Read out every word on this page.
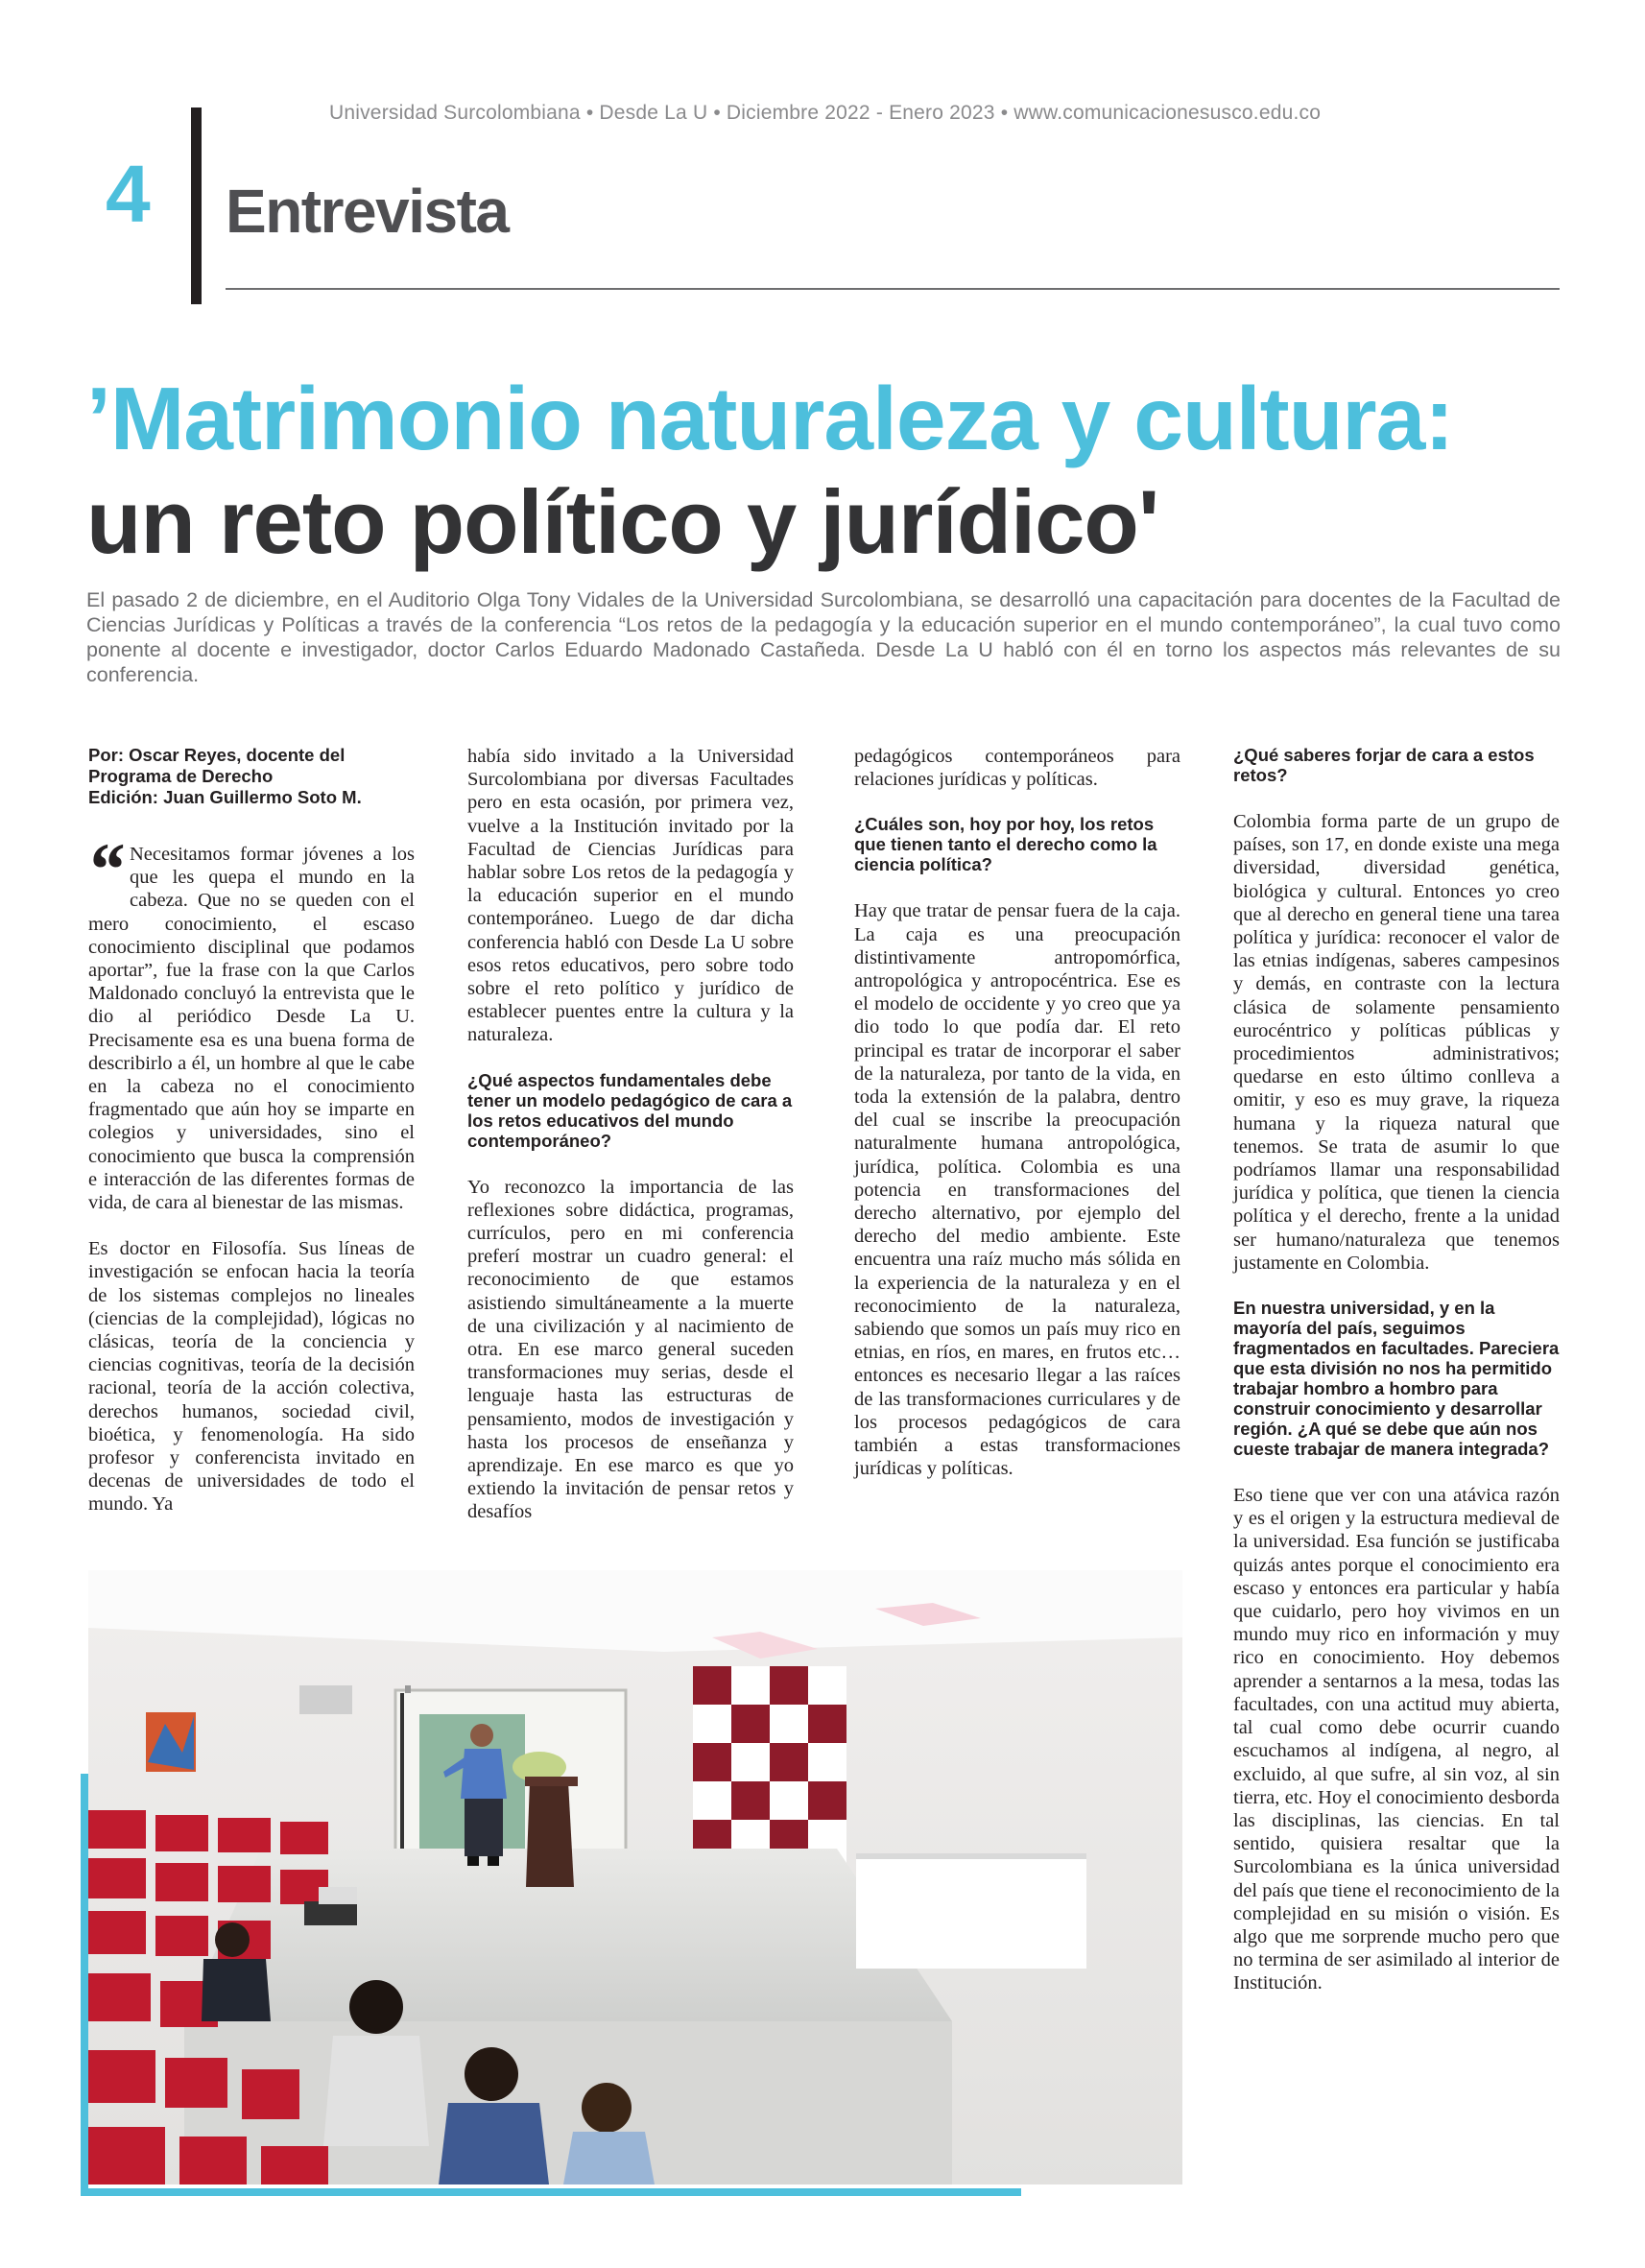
Universidad Surcolombiana • Desde La U • Diciembre 2022 - Enero 2023 • www.comunicacionesusco.edu.co
4 Entrevista
’Matrimonio naturaleza y cultura:
un reto político y jurídico'

El pasado 2 de diciembre, en el Auditorio Olga Tony Vidales de la Universidad Surcolombiana, se desarrolló una capacitación para docentes de la Facultad de Ciencias Jurídicas y Políticas a través de la conferencia “Los retos de la pedagogía y la educación superior en el mundo contemporáneo”, la cual tuvo como ponente al docente e investigador, doctor Carlos Eduardo Madonado Castañeda. Desde La U habló con él en torno los aspectos más relevantes de su conferencia.

Por: Oscar Reyes, docente del Programa de Derecho
Edición: Juan Guillermo Soto M.

“ Necesitamos formar jóvenes a los que les quepa el mundo en la cabeza. Que no se queden con el mero conocimiento, el escaso conocimiento disciplinal que podamos aportar”, fue la frase con la que Carlos Maldonado concluyó la entrevista que le dio al periódico Desde La U. Precisamente esa es una buena forma de describirlo a él, un hombre al que le cabe en la cabeza no el conocimiento fragmentado que aún hoy se imparte en colegios y universidades, sino el conocimiento que busca la comprensión e interacción de las diferentes formas de vida, de cara al bienestar de las mismas.

Es doctor en Filosofía. Sus líneas de investigación se enfocan hacia la teoría de los sistemas complejos no lineales (ciencias de la complejidad), lógicas no clásicas, teoría de la conciencia y ciencias cognitivas, teoría de la decisión racional, teoría de la acción colectiva, derechos humanos, sociedad civil, bioética, y fenomenología. Ha sido profesor y conferencista invitado en decenas de universidades de todo el mundo. Ya

había sido invitado a la Universidad Surcolombiana por diversas Facultades pero en esta ocasión, por primera vez, vuelve a la Institución invitado por la Facultad de Ciencias Jurídicas para hablar sobre Los retos de la pedagogía y la educación superior en el mundo contemporáneo. Luego de dar dicha conferencia habló con Desde La U sobre esos retos educativos, pero sobre todo sobre el reto político y jurídico de establecer puentes entre la cultura y la naturaleza.

¿Qué aspectos fundamentales debe tener un modelo pedagógico de cara a los retos educativos del mundo contemporáneo?

Yo reconozco la importancia de las reflexiones sobre didáctica, programas, currículos, pero en mi conferencia preferí mostrar un cuadro general: el reconocimiento de que estamos asistiendo simultáneamente a la muerte de una civilización y al nacimiento de otra. En ese marco general suceden transformaciones muy serias, desde el lenguaje hasta las estructuras de pensamiento, modos de investigación y hasta los procesos de enseñanza y aprendizaje. En ese marco es que yo extiendo la invitación de pensar retos y desafíos

pedagógicos contemporáneos para relaciones jurídicas y políticas.

¿Cuáles son, hoy por hoy, los retos que tienen tanto el derecho como la ciencia política?

Hay que tratar de pensar fuera de la caja. La caja es una preocupación distintivamente antropomórfica, antropológica y antropocéntrica. Ese es el modelo de occidente y yo creo que ya dio todo lo que podía dar. El reto principal es tratar de incorporar el saber de la naturaleza, por tanto de la vida, en toda la extensión de la palabra, dentro del cual se inscribe la preocupación naturalmente humana antropológica, jurídica, política. Colombia es una potencia en transformaciones del derecho alternativo, por ejemplo del derecho del medio ambiente. Este encuentra una raíz mucho más sólida en la experiencia de la naturaleza y en el reconocimiento de la naturaleza, sabiendo que somos un país muy rico en etnias, en ríos, en mares, en frutos etc… entonces es necesario llegar a las raíces de las transformaciones curriculares y de los procesos pedagógicos de cara también a estas transformaciones jurídicas y políticas.

¿Qué saberes forjar de cara a estos retos?

Colombia forma parte de un grupo de países, son 17, en donde existe una mega diversidad, diversidad genética, biológica y cultural. Entonces yo creo que al derecho en general tiene una tarea política y jurídica: reconocer el valor de las etnias indígenas, saberes campesinos y demás, en contraste con la lectura clásica de solamente pensamiento eurocéntrico y políticas públicas y procedimientos administrativos; quedarse en esto último conlleva a omitir, y eso es muy grave, la riqueza humana y la riqueza natural que tenemos. Se trata de asumir lo que podríamos llamar una responsabilidad jurídica y política, que tienen la ciencia política y el derecho, frente a la unidad ser humano/naturaleza que tenemos justamente en Colombia.

En nuestra universidad, y en la mayoría del país, seguimos fragmentados en facultades. Pareciera que esta división no nos ha permitido trabajar hombro a hombro para construir conocimiento y desarrollar región. ¿A qué se debe que aún nos cueste trabajar de manera integrada?

Eso tiene que ver con una atávica razón y es el origen y la estructura medieval de la universidad. Esa función se justificaba quizás antes porque el conocimiento era escaso y entonces era particular y había que cuidarlo, pero hoy vivimos en un mundo muy rico en información y muy rico en conocimiento. Hoy debemos aprender a sentarnos a la mesa, todas las facultades, con una actitud muy abierta, tal cual como debe ocurrir cuando escuchamos al indígena, al negro, al excluido, al que sufre, al sin voz, al sin tierra, etc. Hoy el conocimiento desborda las disciplinas, las ciencias. En tal sentido, quisiera resaltar que la Surcolombiana es la única universidad del país que tiene el reconocimiento de la complejidad en su misión o visión. Es algo que me sorprende mucho pero que no termina de ser asimilado al interior de Institución.
